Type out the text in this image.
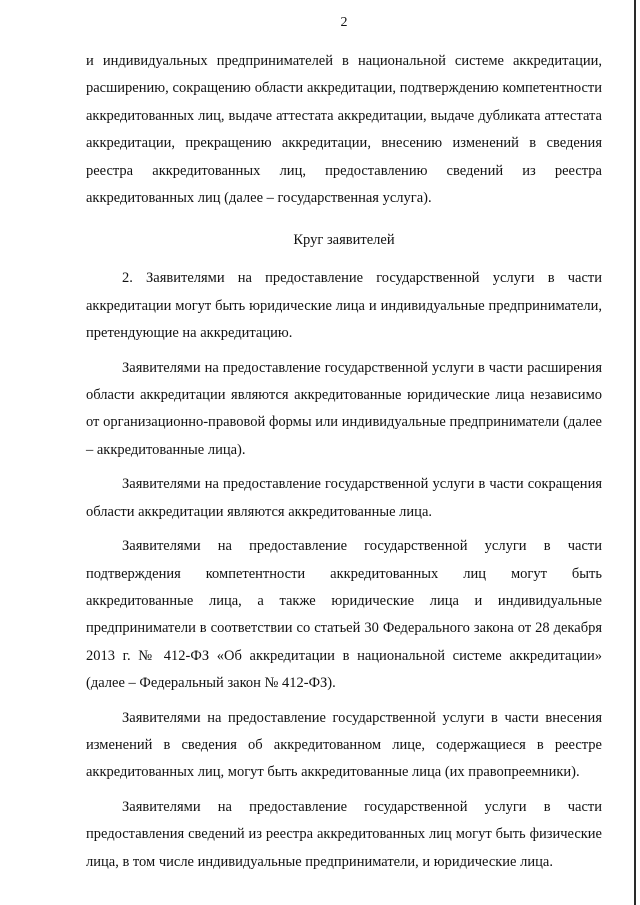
2

и индивидуальных предпринимателей в национальной системе аккредитации, расширению, сокращению области аккредитации, подтверждению компетентности аккредитованных лиц, выдаче аттестата аккредитации, выдаче дубликата аттестата аккредитации, прекращению аккредитации, внесению изменений в сведения реестра аккредитованных лиц, предоставлению сведений из реестра аккредитованных лиц (далее – государственная услуга).

Круг заявителей

2. Заявителями на предоставление государственной услуги в части аккредитации могут быть юридические лица и индивидуальные предприниматели, претендующие на аккредитацию.

Заявителями на предоставление государственной услуги в части расширения области аккредитации являются аккредитованные юридические лица независимо от организационно-правовой формы или индивидуальные предприниматели (далее – аккредитованные лица).

Заявителями на предоставление государственной услуги в части сокращения области аккредитации являются аккредитованные лица.

Заявителями на предоставление государственной услуги в части подтверждения компетентности аккредитованных лиц могут быть аккредитованные лица, а также юридические лица и индивидуальные предприниматели в соответствии со статьей 30 Федерального закона от 28 декабря 2013 г. № 412-ФЗ «Об аккредитации в национальной системе аккредитации» (далее – Федеральный закон № 412-ФЗ).

Заявителями на предоставление государственной услуги в части внесения изменений в сведения об аккредитованном лице, содержащиеся в реестре аккредитованных лиц, могут быть аккредитованные лица (их правопреемники).

Заявителями на предоставление государственной услуги в части предоставления сведений из реестра аккредитованных лиц могут быть физические лица, в том числе индивидуальные предприниматели, и юридические лица.
